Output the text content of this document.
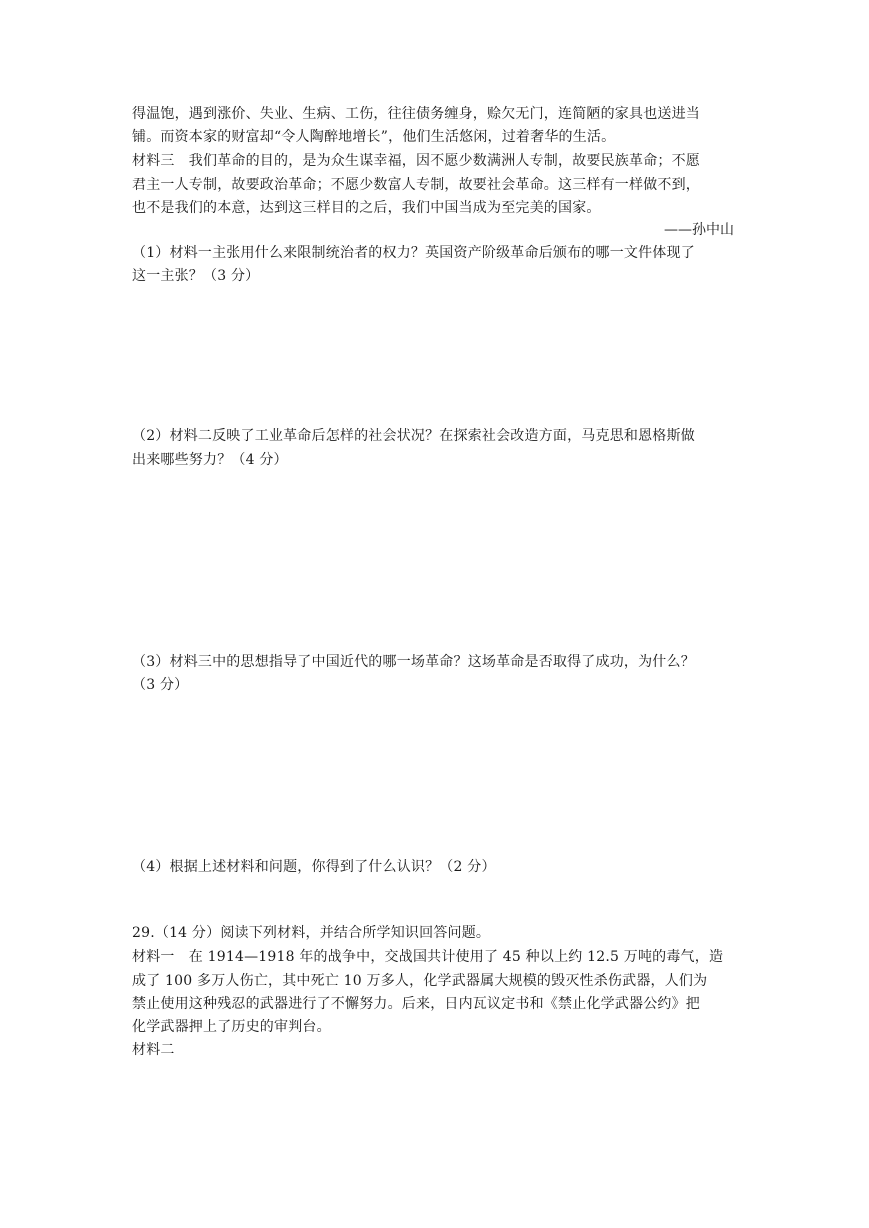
得温饱，遇到涨价、失业、生病、工伤，往往债务缠身，赊欠无门，连简陋的家具也送进当
铺。而资本家的财富却“令人陶醉地增长”，他们生活悠闲，过着奢华的生活。
材料三　我们革命的目的，是为众生谋幸福，因不愿少数满洲人专制，故要民族革命；不愿
君主一人专制，故要政治革命；不愿少数富人专制，故要社会革命。这三样有一样做不到，
也不是我们的本意，达到这三样目的之后，我们中国当成为至完美的国家。
——孙中山
（1）材料一主张用什么来限制统治者的权力？英国资产阶级革命后颁布的哪一文件体现了
这一主张？（3 分）
（2）材料二反映了工业革命后怎样的社会状况？在探索社会改造方面，马克思和恩格斯做
出来哪些努力？（4 分）
（3）材料三中的思想指导了中国近代的哪一场革命？这场革命是否取得了成功，为什么？
（3 分）
（4）根据上述材料和问题，你得到了什么认识？（2 分）
29.（14 分）阅读下列材料，并结合所学知识回答问题。
材料一　在 1914—1918 年的战争中，交战国共计使用了 45 种以上约 12.5 万吨的毒气，造
成了 100 多万人伤亡，其中死亡 10 万多人，化学武器属大规模的毁灭性杀伤武器，人们为
禁止使用这种残忍的武器进行了不懈努力。后来，日内瓦议定书和《禁止化学武器公约》把
化学武器押上了历史的审判台。
材料二
